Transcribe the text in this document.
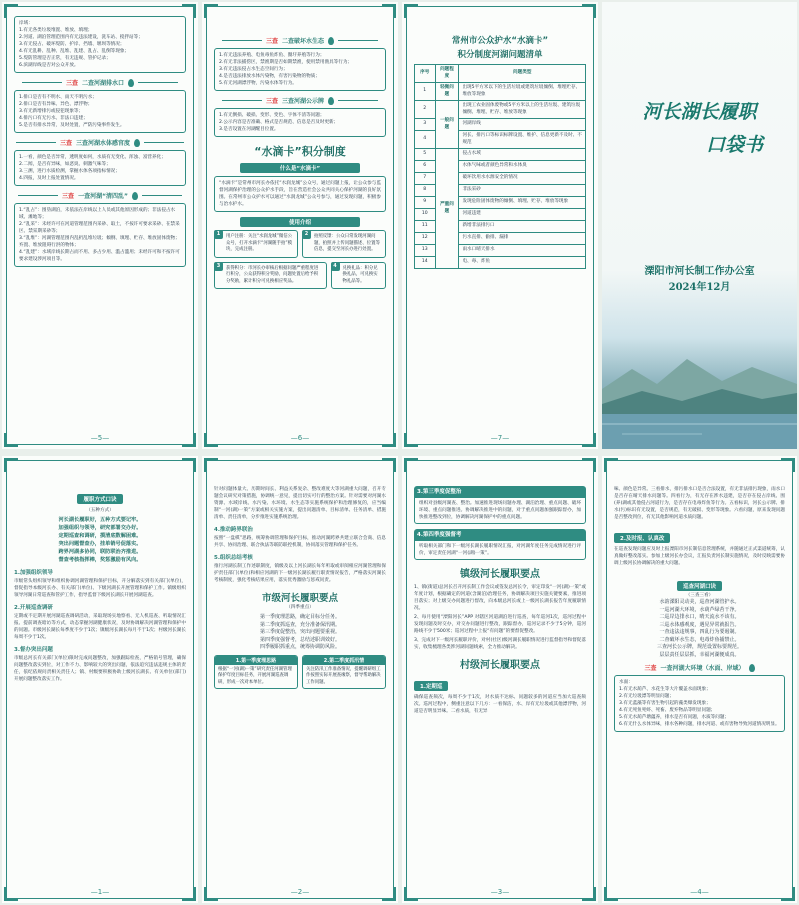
岸域：

1.有无各类垃圾堆置、堆放、填埋；

2.河道、湖泊管理范围内有无违法建设，洗车站、搅拌站等；

3.有无侵占、破坏堤防、护岸、挡墙、堰坝等情况；

4.有无乱耕、乱种、乱堆、乱建、乱占、乱倒等现象；

5.堤防管理是否正常，有无违规、管护记录；

6.滨湖岸线是否对公众开放。

三查 二查河湖排水口

1.排口是否有不明水、雨天不明污水；

2.排口是否有异味、异色、漂浮物；

3.有无新增排污或侵犯现象等；

4.排污口有无污水、非法口违建；

5.是否有排水异常，及时处置，严防污染事件发生。

三查 三查河湖水体感官度

1.一看，颜色是否异常，透明度如何，水质有无变化、浑浊、富营养化；

2.二闻，是否有异味，如恶臭、刺激气味等；

3.三测，进行水质检测，掌握水体各项指标情况；

4.四报，及时上报处置情况。

三查 一查河湖“清四乱”

1.“乱占”：围垦湖泊，未依法在岸线以上人员或其他原因形成的；非法侵占水域、滩地等；

2.“乱采”：未经许可在河道管理范围内采砂、取土，不按许可要求采砂、在禁采区、禁采期采砂等；

3.“乱堆”：河湖管理范围内乱扔乱堆垃圾；倾倒、填埋、贮存、堆放固体废物；弃置、堆放阻碍行洪的物体；

4.“乱建”：水域岸线长期占而不用、多占少用、滥占滥用；未经许可和不按许可要求建设涉河项目等。

—5—
三查 二查破坏水生态

1.有无违法养殖、电鱼毒鱼炸鱼、圈圩养殖等行为；

2.有无非法捕捞区，禁渔期是否如期禁渔，使用禁用渔具等行为；

3.有无违法侵占水生态空间行为；

4.是否违法排放水体污染物，有害污染物的物质；

5.有无河湖漂浮物，污染水体等行为。

三查 三查河湖公示牌

1.有无倒损、破损、变形、变色、字体不清等问题；

2.公示内容是否准确、格式是否规范、信息是否及时更新；

3.是否设置在河湖醒目位置。

“水滴卡”积分制度
什么是“水滴卡”
“水滴卡”是常州市河长办依托“水润龙城”公众号，通过问题上报，让公众参与监督河湖保护治理的公众护水手段，旨在营造社会公众共同关心保护河湖的良好氛围。在常州市公众护水可以通过“水润龙城”公众号参与，通过发现问题，积极参与治水护水。
使用介绍
1	用户注册：关注“水润龙城”微信公众号，打开水滴卡“河湖随手拍”模块，完成注册。
2	拍照反馈：公众日常发现河湖问题，拍照并上传问题描述、位置等信息，提交至河长办进行处置。
3	获得积分：市河长办审核后根据问题严重程度进行积分，公众获得积分奖励，问题处置后给予积分奖励，累计积分可兑换相应奖品。
4	兑换礼品：积分兑换礼品，可兑换实物礼品等。
—6—
常州市公众护水“水滴卡”
积分制度河湖问题清单
序号	问题程度	问题类型
1	轻微问题	出现5平方米以下的生活垃圾或建筑垃圾倾倒、堆埋贮存、堆放等现象
2	一般问题	出现工农业固体废物或5平方米以上的生活垃圾、建筑垃圾倾倒、堆埋、贮存、堆放等现象
3		河湖岸线
4		河长、排污口等标识标牌设置、维护、信息更新不及时、不规范
5	严重问题	侵占水域
6		水体气味或者颜色异常和水体臭
7		破坏饮用水水源安全的情况
8		非法采砂
9		发现危险固体废物的倾倒、填埋、贮存、堆放等现象
10		河道违建
11		新增非法排污口
12		污水直排、偷排、漏排
13		雨水口晴天排水
14		电、毒、炸鱼
—7—
河长湖长履职
口袋书
溧阳市河长制工作办公室
2024年12月
履职方式口诀
（五种方式）
河长湖长履职好，五种方式要记牢。
加强组织与领导，研究部署交办好。
定期巡查和调研，摸清底数解困难。
突出问题督查办，挂单销号促落实。
跨界河湖多协同，联防联治齐推进。
督查考核指挥棒，奖惩激励有风向。
1.加强组织领导
市级常头组织领导和组织协调河湖管理和保护目标，开分解落实到有关部门(单位)，督促指导本级河长办、有关部门(单位)、下级河湖长开展管理和保护工作。镇级组织领导河湖日常巡查和管护工作，指导监督下级河长湖长开展河湖巡查。
2.开展巡查调研
定期或不定期开展河湖巡查调研活动，采取现场实地察看、无人机巡查、听取情况汇报、提前调查暗访等方式，动态掌握河湖健康状况，及时协调解决河湖管理和保护中的问题。市级河长湖长每季度不少于1次；镇级河长湖长每月不于1次；村级河长湖长每周不少于1次。
3.督办突出问题
市级总河长有关部门(单位)限时完成问题整改，加强跟踪检查，严格销号管理，确保问题整改落实到位，对工作不力、影响较大的突出问题，依法追究违法违规主体的责任，依纪依规问责相关责任人；镇、村级要积极协助上级河长湖长、有关单位(部门)开展问题整改落实工作。
—1—
针对问题体量大、历期时间长、利益关系复杂、整改难度大等河湖重大问题，召开专题会议研究对策措施，协调统一意见，提出切实可行的整治方案。针对需要对河湖水资源、水域岸线、水污染、水环境、水生态等实施系统保护和治理修复的，应当编制“一河(湖)一策”方案或相关实施方案，提出问题清单、目标清单、任务清单、措施清单、责任清单，分步推进实施系统治理。
4.推动跨界联治
按照“一盘棋”思路，统筹协调管理和保护目标，推动河湖跨界共建立联合会商、信息共享、协同治理、联合执法等联防联控机制，协同落实管理和保护任务。
5.组织总结考核
推行河湖长制工作述职制度，镇级及以上河长湖长每年听取或审阅相应河湖管理和保护责任部门(单位)和相应河湖的下一级河长湖长履行职责情况报告，严格落实河湖长考核制度，强化考核结果应用，落实优秀激励与惩戒问责。
市级河长履职要点
（四季重点）
第一季度理思路，确定目标分任务。
第二季度抓巡查，充分准备保汛期。
第三季度促整治，突出问题要重视。
第四季度强督考，总结述职训效好。
四季履职抓重点，统筹协调防风险。
1.第一季度理思路
根据“一河(湖)一策”研究责任河湖管理保护年度目标任务，开展河湖巡查调研，形成一次对本单位。
2.第二季度抓汛情
关注防汛工作准备情况，提醒调研组工作按照实际开展查缘察，督导帮助解决工作问题。
—2—
3.第三季度促整治
组织对县级河湖查、整治。加速推进现场问题办理、湖泊治理、重点问题、破坏环境、重点问题推进。协调解决推进中的问题，对于重点问题加强跟踪督办，加快推进整改到位，协调解决河湖保护中的重点问题。
4.第四季度强督考
听取相关部门和下一级河长湖长履职情况汇报，对河湖年度任务完成情况进行评价，审定责任河湖“一河(湖)一策”。
镇级河长履职要点
1、镇(街道)总河长召开河长制工作会议或签发总河长令，审定印发“一河(湖)一策”或年度计划，根据确定的河道(含湖泊)治理任务，协调解决项目实施关键要素，推进项目落实；对上级交办问题进行督改，向本级总河长或上一级河长湖长报告年度履职情况。
2、每月使用“溧阳河长”APP 对辖区河道湖泊进行巡查，每年巡河1次，巡河过程中发现问题及时交办，对交办问题进行整改，跟踪督办，巡河记录不少于5分钟，巡河路线不少于500米；巡河过程中上报“有问题”的要督促整改。
3、完成对下一级河长履职评价，对村(社区)级河湖长履职情况进行监督指导和督促落实，收集梳理各类涉河湖问题线索，全力推动解决。
村级河长履职要点
1.定期巡
确保巡查频次，每周不少于1次，对水质不达标、问题较多的河道应当加大巡查频次。巡河过程中，侧重注意以下几方：一看保洁，水、岸有无垃圾或其他漂浮物，河道是否明显异味。二看水质，有无异
—3—
味、颜色是异常。三看排水，排污排水口是否合法设置，有无非法排污现象，雨水口是否存在晴天排水问题等。四看行为，有无存在涉水违建，是否存在侵占岸线、围(养)湖或其他侵占河道行为，是否存在电毒炸鱼等行为。五看标识，河长公示牌、排水(污)标识有无设置，是否规范，有无破损、变形等现象。六看问题，原来发现问题是否整改到位，有无其他影响河道水质问题。
2.及时报、认真改
在巡查发现问题应及时上报溧阳市河长制信息管理系统，并随通过正式渠道统筹，认真做好整改落实。参加上级河长办会议，汇报负责河长制实施情况，及时反映需要协调上级河长协调解决的重大问题。
巡查河湖口诀
（三查三看）
水韵溧阳灵动美，巡查河湖管护水。
一巡河湖大环境，水葫芦绿苔干净。
二巡岸边排水口，晴天流水不该有。
三巡水体感观度，遇见异常就报告。
一查违法违规事，四乱行为要遏制。
二查破坏水生态，电毒炸鱼捕禁止。
三查河长公示牌，规范设置标要规范。
层层责任层层抓，幸福河湖便成真。
三查 一查河湖大环境（水面、岸域）

水面：

1.有无水葫芦、水花生等大片覆盖水面现象；

2.有无垃圾漂等明显问题；

3.有无蓝藻等有害生物引起的藻类爆发现象；

4.有无死鱼死虾、死畜、废弃物品等明显问题；

5.有无水葫芦塘蕴养，排水是否有问题，水质等问题；

6.有无什么水体异味，排水各种问题，排水河道、或有害物导致河道情况明显。

—4—
